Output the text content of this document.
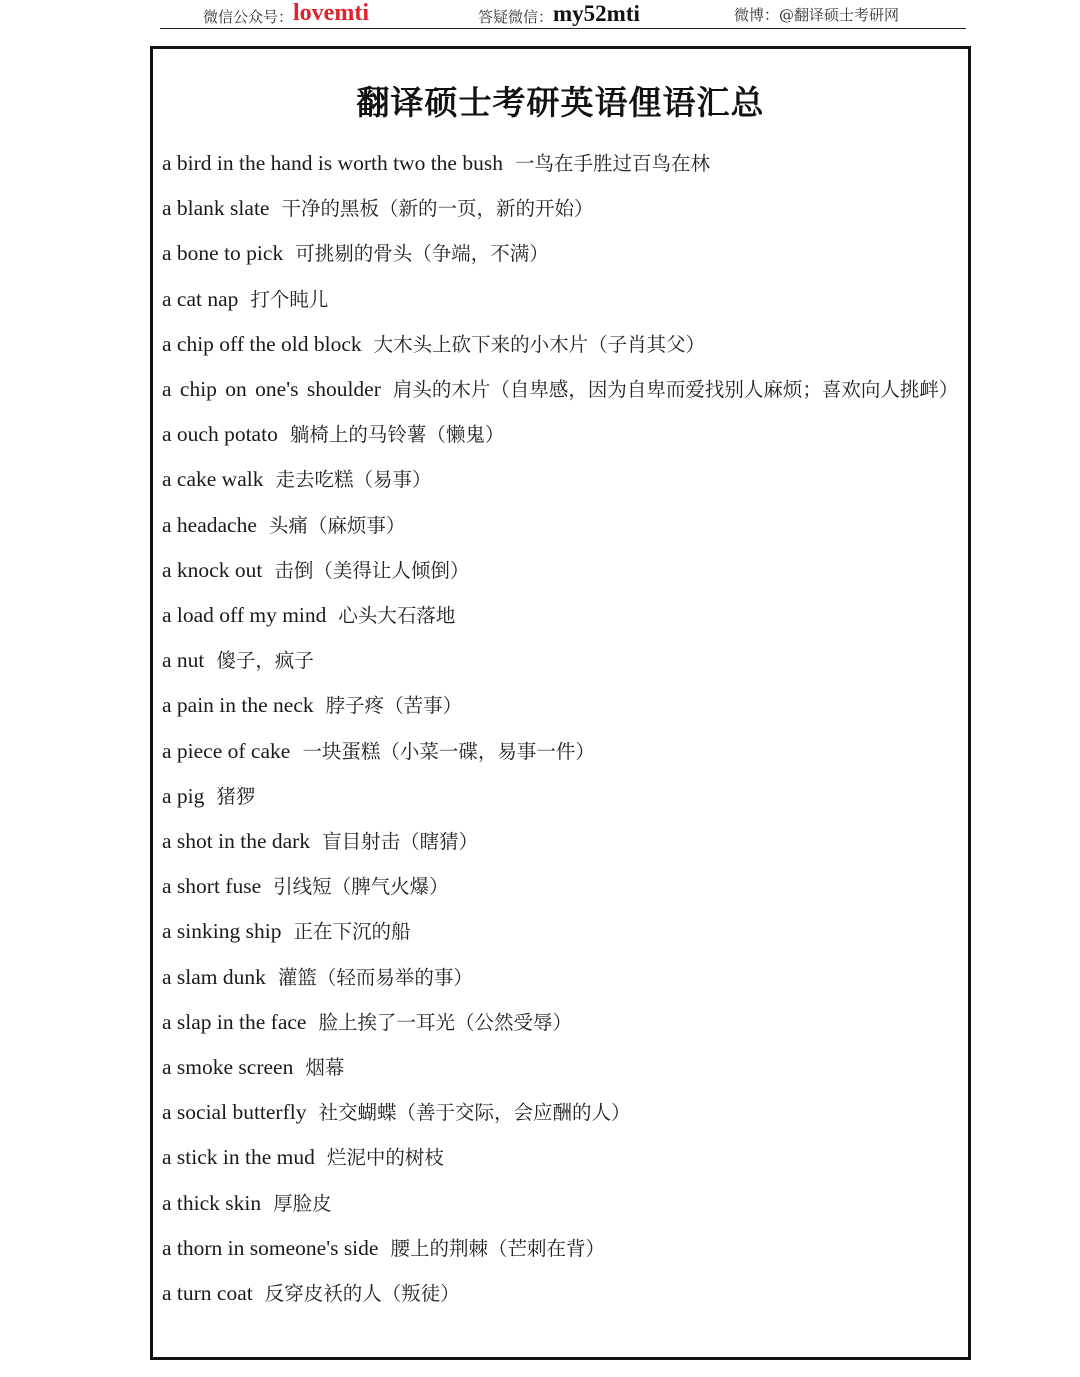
微信公众号：lovemti	答疑微信：my52mti	微博：@翻译硕士考研网
翻译硕士考研英语俚语汇总
a bird in the hand is worth two the bush 一鸟在手胜过百鸟在林
a blank slate 干净的黑板（新的一页，新的开始）
a bone to pick 可挑剔的骨头（争端，不满）
a cat nap 打个盹儿
a chip off the old block 大木头上砍下来的小木片（子肖其父）
a chip on one's shoulder 肩头的木片（自卑感，因为自卑而爱找别人麻烦；喜欢向人挑衅）
a ouch potato 躺椅上的马铃薯（懒鬼）
a cake walk 走去吃糕（易事）
a headache 头痛（麻烦事）
a knock out 击倒（美得让人倾倒）
a load off my mind 心头大石落地
a nut 傻子，疯子
a pain in the neck 脖子疼（苦事）
a piece of cake 一块蛋糕（小菜一碟，易事一件）
a pig 猪猡
a shot in the dark 盲目射击（瞎猜）
a short fuse 引线短（脾气火爆）
a sinking ship 正在下沉的船
a slam dunk 灌篮（轻而易举的事）
a slap in the face 脸上挨了一耳光（公然受辱）
a smoke screen 烟幕
a social butterfly 社交蝴蝶（善于交际，会应酬的人）
a stick in the mud 烂泥中的树枝
a thick skin 厚脸皮
a thorn in someone's side 腰上的荆棘（芒刺在背）
a turn coat 反穿皮袄的人（叛徒）
